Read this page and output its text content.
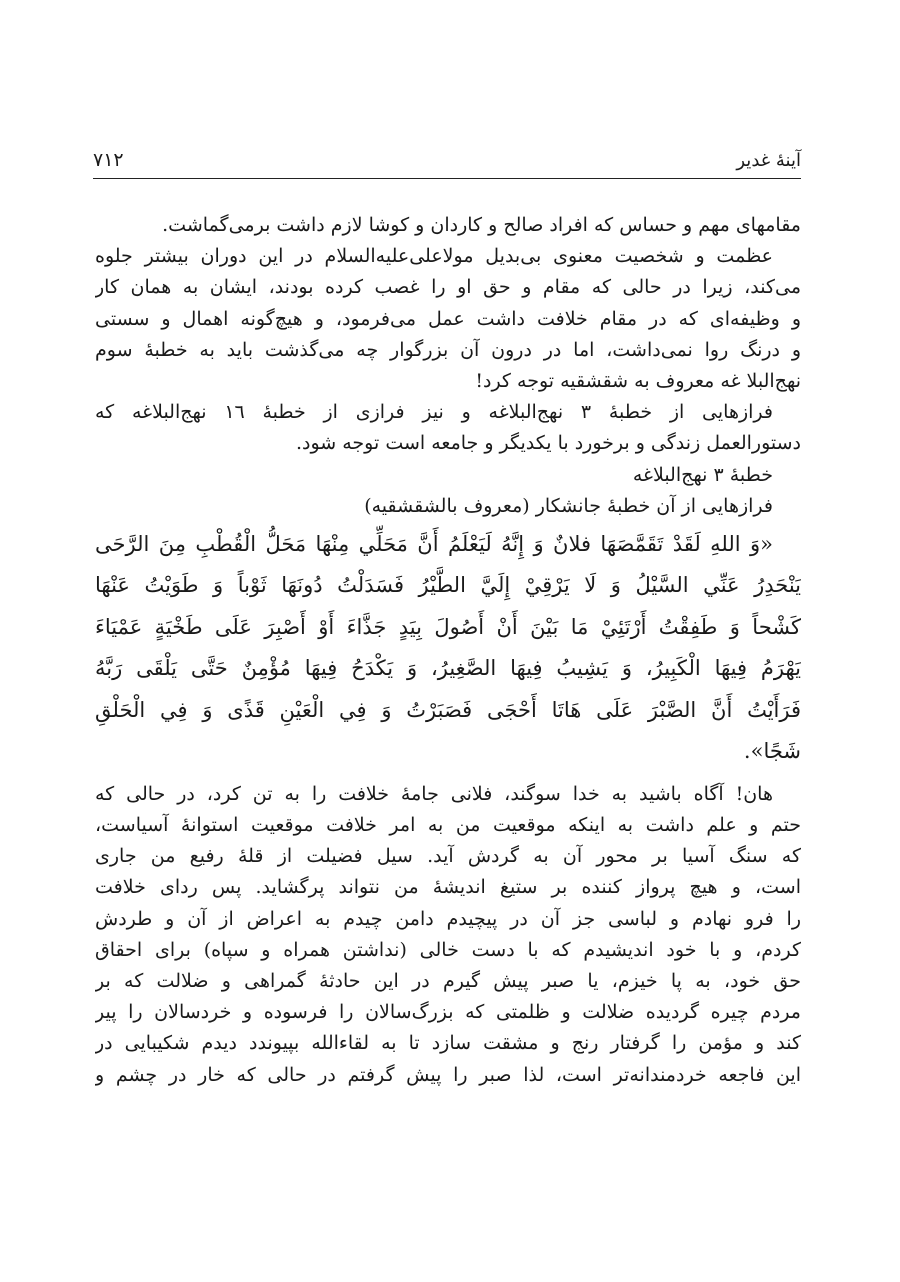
۷۱۲	آینهٔ غدیر
مقامهای مهم و حساس که افراد صالح و کاردان و کوشا لازم داشت برمی‌گماشت.
عظمت و شخصیت معنوی بی‌بدیل مولاعلی‌علیه‌السلام در این دوران بیشتر جلوه
می‌کند، زیرا در حالی که مقام و حق او را غصب کرده بودند، ایشان به همان کار
و وظیفه‌ای که در مقام خلافت داشت عمل می‌فرمود، و هیچ‌گونه اهمال و سستی
و درنگ روا نمی‌داشت، اما در درون آن بزرگوار چه می‌گذشت باید به خطبهٔ سوم
نهج‌البلا غه معروف به شقشقیه توجه کرد!
فرازهایی از خطبهٔ ۳ نهج‌البلاغه و نیز فرازی از خطبهٔ ١٦ نهج‌البلاغه که
دستورالعمل زندگی و برخورد با یکدیگر و جامعه است توجه شود.
خطبهٔ ۳ نهج‌البلاغه
فرازهایی از آن خطبهٔ جانشکار (معروف بالشقشقیه)
«وَ اللهِ لَقَدْ تَقَمَّصَهَا فلانٌ وَ إِنَّهُ لَيَعْلَمُ أَنَّ مَحَلِّي مِنْهَا مَحَلُّ الْقُطْبِ مِنَ الرَّحَى
يَنْحَدِرُ عَنِّي السَّيْلُ وَ لَا يَرْقِيْ إِلَيَّ الطَّيْرُ فَسَدَلْتُ دُونَهَا ثَوْباً وَ طَوَيْتُ عَنْهَا
كَشْحاً وَ طَفِقْتُ أَرْتَئِيْ مَا بَيْنَ أَنْ أَصُولَ بِيَدٍ جَذَّاءَ أَوْ أَصْبِرَ عَلَى طَخْيَةٍ عَمْيَاءَ
يَهْرَمُ فِيهَا الْكَبِيرُ، وَ يَشِيبُ فِيهَا الصَّغِيرُ، وَ يَكْدَحُ فِيهَا مُؤْمِنٌ حَتَّى يَلْقَى رَبَّهُ
فَرَأَيْتُ أَنَّ الصَّبْرَ عَلَى هَاتَا أَحْجَى فَصَبَرْتُ وَ فِي الْعَيْنِ قَذًى وَ فِي الْحَلْقِ
شَجًا».
هان! آگاه باشید به خدا سوگند، فلانی جامهٔ خلافت را به تن کرد، در حالی که
حتم و علم داشت به اینکه موقعیت من به امر خلافت موقعیت استوانهٔ آسیاست،
که سنگ آسیا بر محور آن به گردش آید. سیل فضیلت از قلهٔ رفیع من جاری
است، و هیچ پرواز کننده بر ستیغ اندیشهٔ من نتواند پرگشاید. پس ردای خلافت
را فرو نهادم و لباسی جز آن در پیچیدم دامن چیدم به اعراض از آن و طردش
کردم، و با خود اندیشیدم که با دست خالی (نداشتن همراه و سپاه) برای احقاق
حق خود، به پا خیزم، یا صبر پیش گیرم در این حادثهٔ گمراهی و ضلالت که بر
مردم چیره گردیده ضلالت و ظلمتی که بزرگ‌سالان را فرسوده و خردسالان را پیر
کند و مؤمن را گرفتار رنج و مشقت سازد تا به لقاءالله بپیوندد دیدم شکیبایی در
این فاجعه خردمندانه‌تر است، لذا صبر را پیش گرفتم در حالی که خار در چشم و
